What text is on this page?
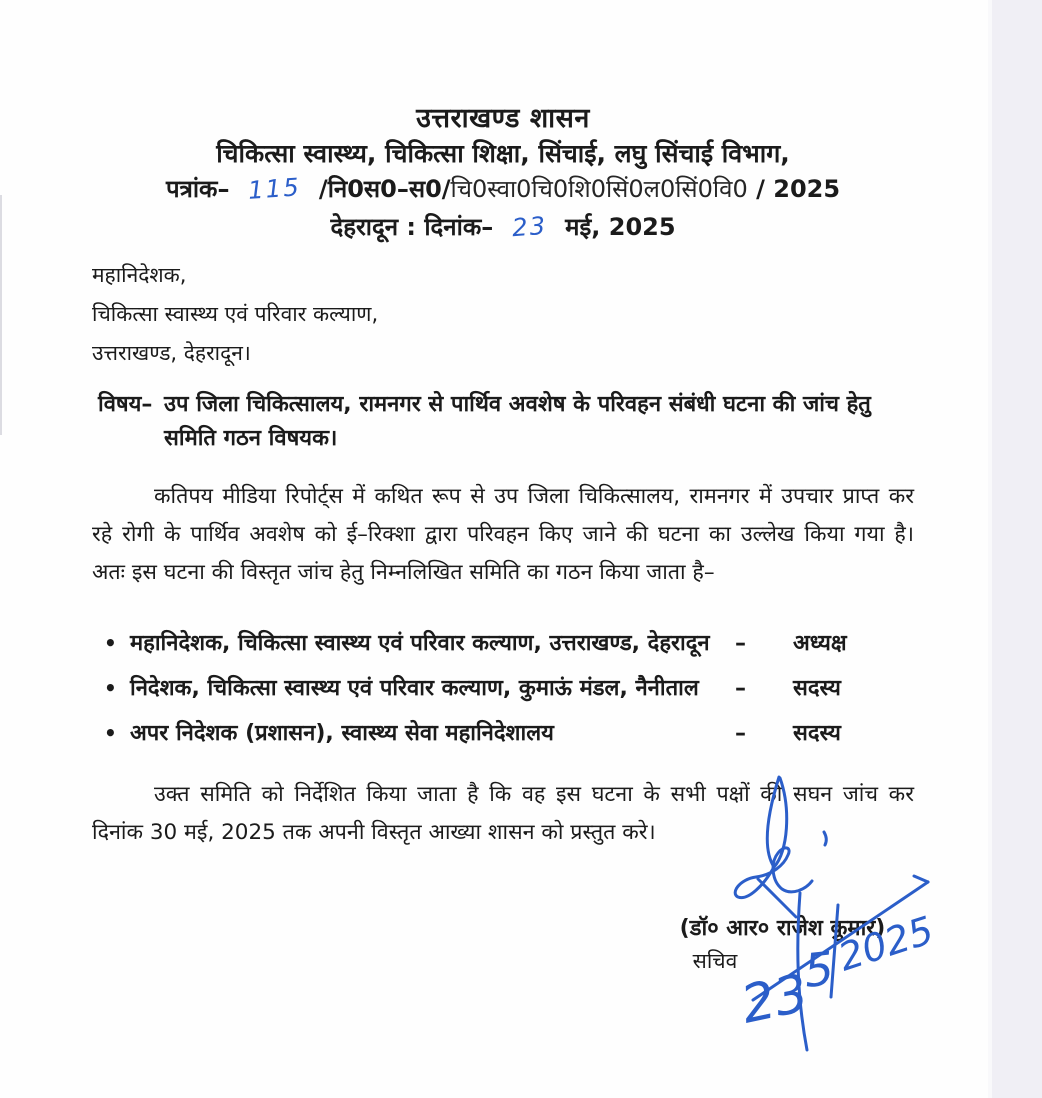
उत्तराखण्ड शासन
चिकित्सा स्वास्थ्य, चिकित्सा शिक्षा, सिंचाई, लघु सिंचाई विभाग,
पत्रांक– 115 /नि0स0–स0/चि0स्वा0चि0शि0सिं0ल0सिं0वि0 / 2025
देहरादून : दिनांक– 23 मई, 2025
महानिदेशक,
चिकित्सा स्वास्थ्य एवं परिवार कल्याण,
उत्तराखण्ड, देहरादून।
विषय– उप जिला चिकित्सालय, रामनगर से पार्थिव अवशेष के परिवहन संबंधी घटना की जांच हेतु
समिति गठन विषयक।
कतिपय मीडिया रिपोर्ट्स में कथित रूप से उप जिला चिकित्सालय, रामनगर में उपचार प्राप्त कर
रहे रोगी के पार्थिव अवशेष को ई–रिक्शा द्वारा परिवहन किए जाने की घटना का उल्लेख किया गया है।
अतः इस घटना की विस्तृत जांच हेतु निम्नलिखित समिति का गठन किया जाता है–
• महानिदेशक, चिकित्सा स्वास्थ्य एवं परिवार कल्याण, उत्तराखण्ड, देहरादून	–	अध्यक्ष
• निदेशक, चिकित्सा स्वास्थ्य एवं परिवार कल्याण, कुमाऊं मंडल, नैनीताल	–	सदस्य
• अपर निदेशक (प्रशासन), स्वास्थ्य सेवा महानिदेशालय	–	सदस्य
उक्त समिति को निर्देशित किया जाता है कि वह इस घटना के सभी पक्षों की सघन जांच कर
दिनांक 30 मई, 2025 तक अपनी विस्तृत आख्या शासन को प्रस्तुत करे।
(डॉ० आर० राजेश कुमार)
सचिव
23
5
2025
